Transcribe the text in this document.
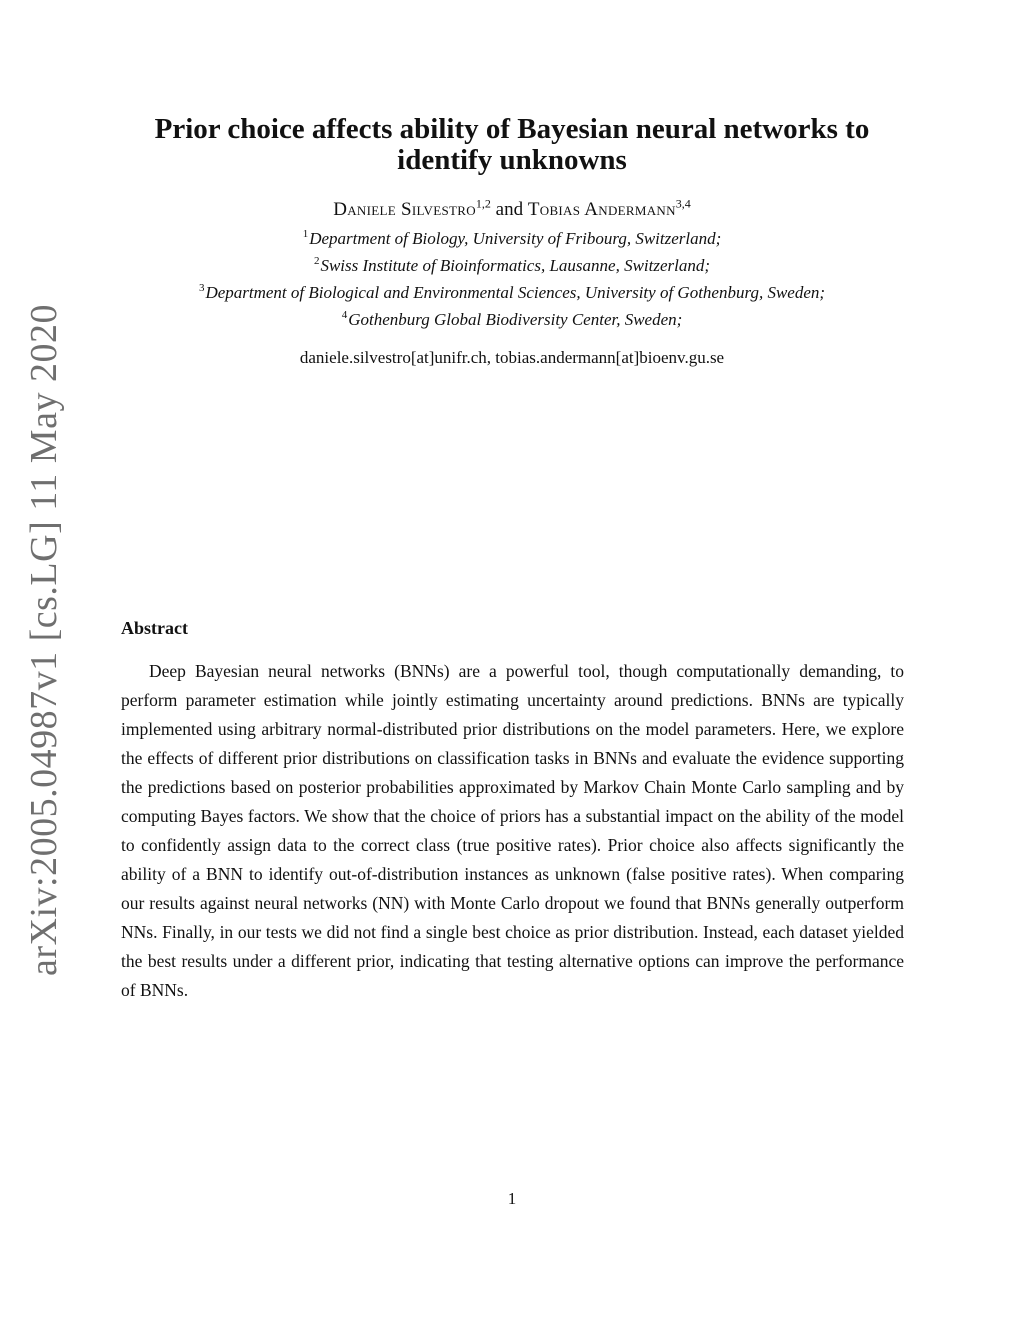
arXiv:2005.04987v1 [cs.LG] 11 May 2020
Prior choice affects ability of Bayesian neural networks to identify unknowns
Daniele Silvestro$^{1,2}$ and Tobias Andermann$^{3,4}$
$^1$Department of Biology, University of Fribourg, Switzerland;
$^2$Swiss Institute of Bioinformatics, Lausanne, Switzerland;
$^3$Department of Biological and Environmental Sciences, University of Gothenburg, Sweden;
$^4$Gothenburg Global Biodiversity Center, Sweden;
daniele.silvestro[at]unifr.ch, tobias.andermann[at]bioenv.gu.se
Abstract
Deep Bayesian neural networks (BNNs) are a powerful tool, though computationally demanding, to perform parameter estimation while jointly estimating uncertainty around predictions. BNNs are typically implemented using arbitrary normal-distributed prior distributions on the model parameters. Here, we explore the effects of different prior distributions on classification tasks in BNNs and evaluate the evidence supporting the predictions based on posterior probabilities approximated by Markov Chain Monte Carlo sampling and by computing Bayes factors. We show that the choice of priors has a substantial impact on the ability of the model to confidently assign data to the correct class (true positive rates). Prior choice also affects significantly the ability of a BNN to identify out-of-distribution instances as unknown (false positive rates). When comparing our results against neural networks (NN) with Monte Carlo dropout we found that BNNs generally outperform NNs. Finally, in our tests we did not find a single best choice as prior distribution. Instead, each dataset yielded the best results under a different prior, indicating that testing alternative options can improve the performance of BNNs.
1
